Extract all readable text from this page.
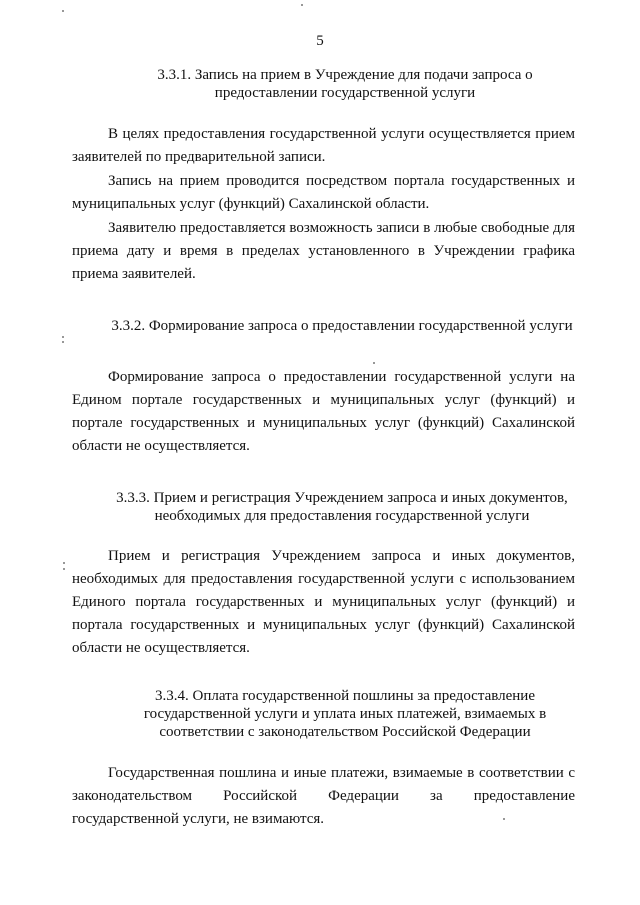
5
3.3.1. Запись на прием в Учреждение для подачи запроса о
предоставлении государственной услуги
В целях предоставления государственной услуги осуществляется прием заявителей по предварительной записи.
Запись на прием проводится посредством портала государственных и муниципальных услуг (функций) Сахалинской области.
Заявителю предоставляется возможность записи в любые свободные для приема дату и время в пределах установленного в Учреждении графика приема заявителей.
3.3.2. Формирование запроса о предоставлении государственной услуги
Формирование запроса о предоставлении государственной услуги на Едином портале государственных и муниципальных услуг (функций) и портале государственных и муниципальных услуг (функций) Сахалинской области не осуществляется.
3.3.3. Прием и регистрация Учреждением запроса и иных документов,
необходимых для предоставления государственной услуги
Прием и регистрация Учреждением запроса и иных документов, необходимых для предоставления государственной услуги с использованием Единого портала государственных и муниципальных услуг (функций) и портала государственных и муниципальных услуг (функций) Сахалинской области не осуществляется.
3.3.4. Оплата государственной пошлины за предоставление
государственной услуги и уплата иных платежей, взимаемых в
соответствии с законодательством Российской Федерации
Государственная пошлина и иные платежи, взимаемые в соответствии с законодательством Российской Федерации за предоставление государственной услуги, не взимаются.
